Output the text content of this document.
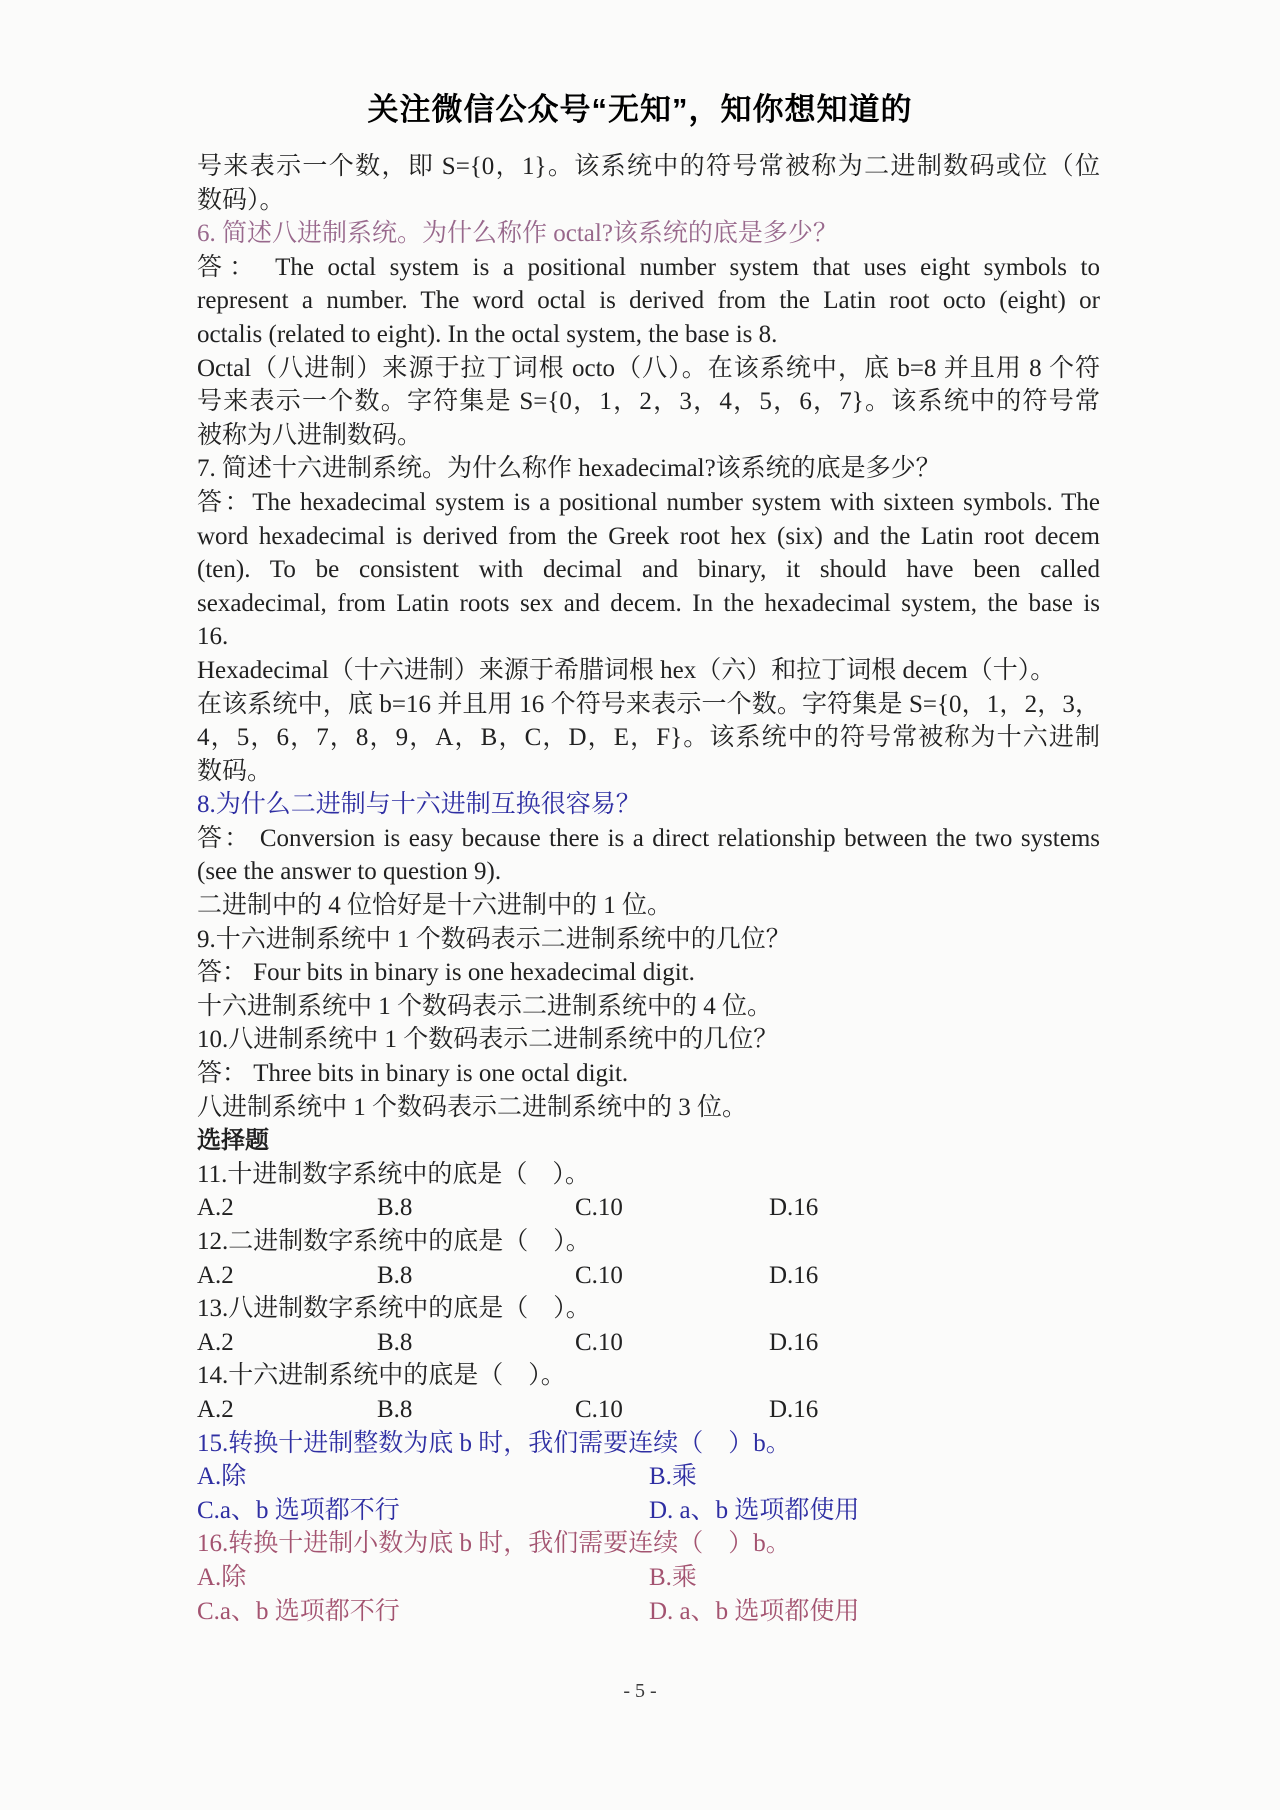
关注微信公众号“无知”，知你想知道的
号来表示一个数，即 S={0，1}。该系统中的符号常被称为二进制数码或位（位
数码）。
6. 简述八进制系统。为什么称作 octal?该系统的底是多少？
答： The octal system is a positional number system that uses eight symbols to
represent a number. The word octal is derived from the Latin root octo (eight) or
octalis (related to eight). In the octal system, the base is 8.
Octal（八进制）来源于拉丁词根 octo（八）。在该系统中，底 b=8 并且用 8 个符
号来表示一个数。字符集是 S={0，1，2，3，4，5，6，7}。该系统中的符号常
被称为八进制数码。
7. 简述十六进制系统。为什么称作 hexadecimal?该系统的底是多少？
答：The hexadecimal system is a positional number system with sixteen symbols. The
word hexadecimal is derived from the Greek root hex (six) and the Latin root decem
(ten). To be consistent with decimal and binary, it should have been called
sexadecimal, from Latin roots sex and decem. In the hexadecimal system, the base is
16.
Hexadecimal（十六进制）来源于希腊词根 hex（六）和拉丁词根 decem（十）。
在该系统中，底 b=16 并且用 16 个符号来表示一个数。字符集是 S={0，1，2，3，
4，5，6，7，8，9，A，B，C，D，E，F}。该系统中的符号常被称为十六进制
数码。
8.为什么二进制与十六进制互换很容易？
答： Conversion is easy because there is a direct relationship between the two systems
(see the answer to question 9).
二进制中的 4 位恰好是十六进制中的 1 位。
9.十六进制系统中 1 个数码表示二进制系统中的几位？
答： Four bits in binary is one hexadecimal digit.
十六进制系统中 1 个数码表示二进制系统中的 4 位。
10.八进制系统中 1 个数码表示二进制系统中的几位？
答： Three bits in binary is one octal digit.
八进制系统中 1 个数码表示二进制系统中的 3 位。
选择题
11.十进制数字系统中的底是（    ）。
A.2	B.8	C.10	D.16
12.二进制数字系统中的底是（    ）。
A.2	B.8	C.10	D.16
13.八进制数字系统中的底是（    ）。
A.2	B.8	C.10	D.16
14.十六进制系统中的底是（    ）。
A.2	B.8	C.10	D.16
15.转换十进制整数为底 b 时，我们需要连续（    ）b。
A.除	B.乘
C.a、b 选项都不行	D. a、b 选项都使用
16.转换十进制小数为底 b 时，我们需要连续（    ）b。
A.除	B.乘
C.a、b 选项都不行	D. a、b 选项都使用
- 5 -
